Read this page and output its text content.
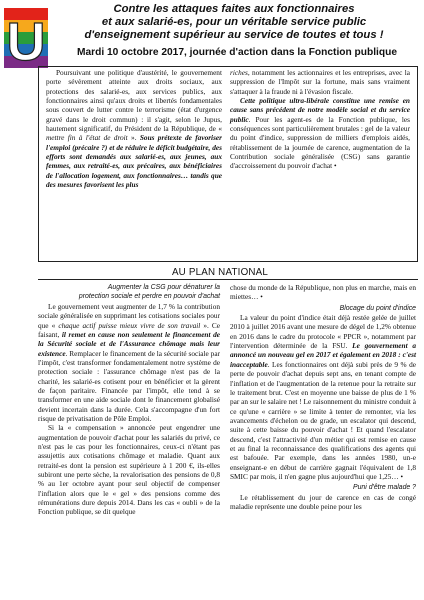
U
Contre les attaques faites aux fonctionnaires
et aux salarié-es, pour un véritable service public
d'enseignement supérieur au service de toutes et tous !
Mardi 10 octobre 2017, journée d'action dans la Fonction publique

Poursuivant une politique d'austérité, le gouvernement porte sévèrement atteinte aux droits sociaux, aux protections des salarié-es, aux services publics, aux fonctionnaires ainsi qu'aux droits et libertés fondamentales sous couvert de lutter contre le terrorisme (état d'urgence gravé dans le droit commun) : il s'agit, selon le Jupus, hautement significatif, du Président de la République, de « mettre fin à l'état de droit ». Sous prétexte de favoriser l'emploi (précaire ?) et de réduire le déficit budgétaire, des efforts sont demandés aux salarié-es, aux jeunes, aux femmes, aux retraité-es, aux précaires, aux bénéficiaires de l'allocation logement, aux fonctionnaires… tandis que des mesures favorisent les plus

riches, notamment les actionnaires et les entreprises, avec la suppression de l'Impôt sur la fortune, mais sans vraiment s'attaquer à la fraude ni à l'évasion fiscale.

Cette politique ultra-libérale constitue une remise en cause sans précédent de notre modèle social et du service public. Pour les agent-es de la Fonction publique, les conséquences sont particulièrement brutales : gel de la valeur du point d'indice, suppression de milliers d'emplois aidés, rétablissement de la journée de carence, augmentation de la Contribution sociale généralisée (CSG) sans garantie d'accroissement du pouvoir d'achat •

AU PLAN NATIONAL
Augmenter la CSG pour dénaturer la protection sociale et perdre en pouvoir d'achat

Le gouvernement veut augmenter de 1,7 % la contribution sociale généralisée en supprimant les cotisations sociales pour que « chaque actif puisse mieux vivre de son travail ». Ce faisant, il remet en cause non seulement le financement de la Sécurité sociale et de l'Assurance chômage mais leur existence. Remplacer le financement de la sécurité sociale par l'impôt, c'est transformer fondamentalement notre système de protection sociale : l'assurance chômage n'est pas de la charité, les salarié-es cotisent pour en bénéficier et la gèrent de façon paritaire. Financée par l'impôt, elle tend à se transformer en une aide sociale dont le financement globalisé devient incertain dans la durée. Cela s'accompagne d'un fort risque de privatisation de Pôle Emploi.

Si la « compensation » annoncée peut engendrer une augmentation de pouvoir d'achat pour les salariés du privé, ce n'est pas le cas pour les fonctionnaires, ceux-ci n'étant pas assujettis aux cotisations chômage et maladie. Quant aux retraité-es dont la pension est supérieure à 1 200 €, ils-elles subiront une perte sèche, la revalorisation des pensions de 0,8 % au 1er octobre ayant pour seul objectif de compenser l'inflation alors que le « gel » des pensions comme des rémunérations dure depuis 2014. Dans les cas « oubli » de la Fonction publique, se dit quelque

chose du monde de la République, non plus en marche, mais en miettes… •

Blocage du point d'indice

La valeur du point d'indice était déjà restée gelée de juillet 2010 à juillet 2016 avant une mesure de dégel de 1,2% obtenue en 2016 dans le cadre du protocole « PPCR », notamment par l'intervention déterminée de la FSU. Le gouvernement a annoncé un nouveau gel en 2017 et également en 2018 : c'est inacceptable. Les fonctionnaires ont déjà subi près de 9 % de perte de pouvoir d'achat depuis sept ans, en tenant compte de l'inflation et de l'augmentation de la retenue pour la retraite sur le traitement brut. C'est en moyenne une baisse de plus de 1 % par an sur le salaire net ! Le raisonnement du ministre conduit à ce qu'une « carrière » se limite à tenter de remonter, via les avancements d'échelon ou de grade, un escalator qui descend, suite à cette baisse du pouvoir d'achat ! Et quand l'escalator descend, c'est l'attractivité d'un métier qui est remise en cause et au final la reconnaissance des qualifications des agents qui est bafouée. Par exemple, dans les années 1980, un-e enseignant-e en début de carrière gagnait l'équivalent de 1,8 SMIC par mois, il n'en gagne plus aujourd'hui que 1,25… •

Puni d'être malade ?

Le rétablissement du jour de carence en cas de congé maladie représente une double peine pour les
